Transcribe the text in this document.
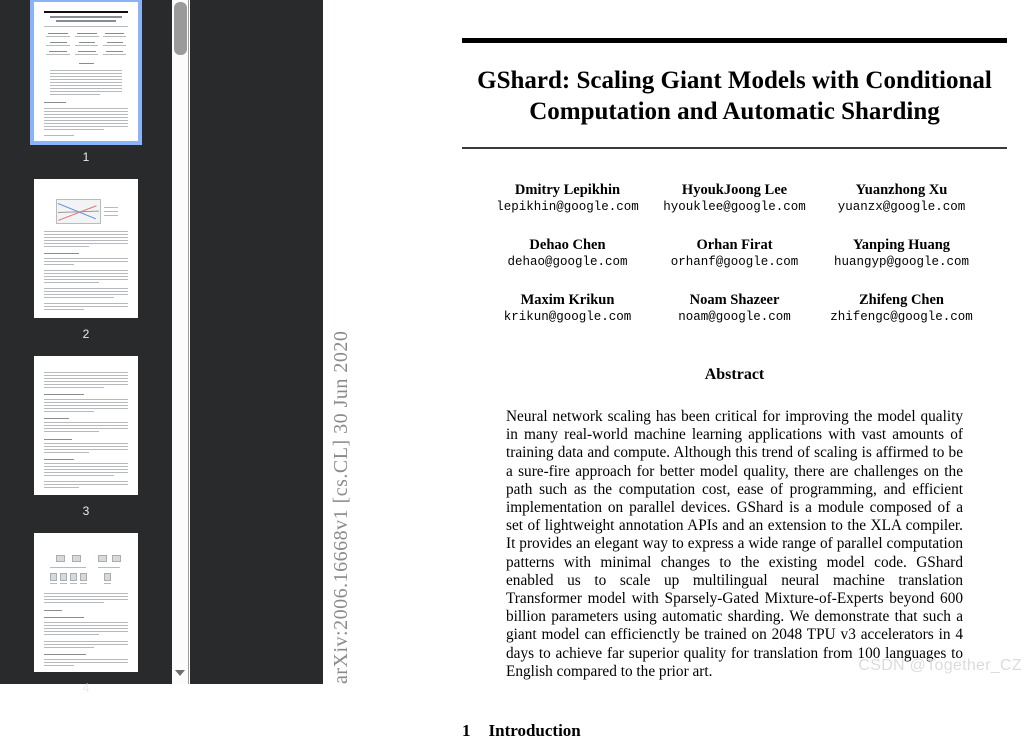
1
2
3
4
arXiv:2006.16668v1 [cs.CL] 30 Jun 2020
GShard: Scaling Giant Models with Conditional Computation and Automatic Sharding
Dmitry Lepikhin
lepikhin@google.com
HyoukJoong Lee
hyouklee@google.com
Yuanzhong Xu
yuanzx@google.com
Dehao Chen
dehao@google.com
Orhan Firat
orhanf@google.com
Yanping Huang
huangyp@google.com
Maxim Krikun
krikun@google.com
Noam Shazeer
noam@google.com
Zhifeng Chen
zhifengc@google.com
Abstract

Neural network scaling has been critical for improving the model quality in many real-world machine learning applications with vast amounts of training data and compute. Although this trend of scaling is affirmed to be a sure-fire approach for better model quality, there are challenges on the path such as the computation cost, ease of programming, and efficient implementation on parallel devices. GShard is a module composed of a set of lightweight annotation APIs and an extension to the XLA compiler. It provides an elegant way to express a wide range of parallel computation patterns with minimal changes to the existing model code. GShard enabled us to scale up multilingual neural machine translation Transformer model with Sparsely-Gated Mixture-of-Experts beyond 600 billion parameters using automatic sharding. We demonstrate that such a giant model can efficienctly be trained on 2048 TPU v3 accelerators in 4 days to achieve far superior quality for translation from 100 languages to English compared to the prior art.

1 Introduction
CSDN @Together_CZ
